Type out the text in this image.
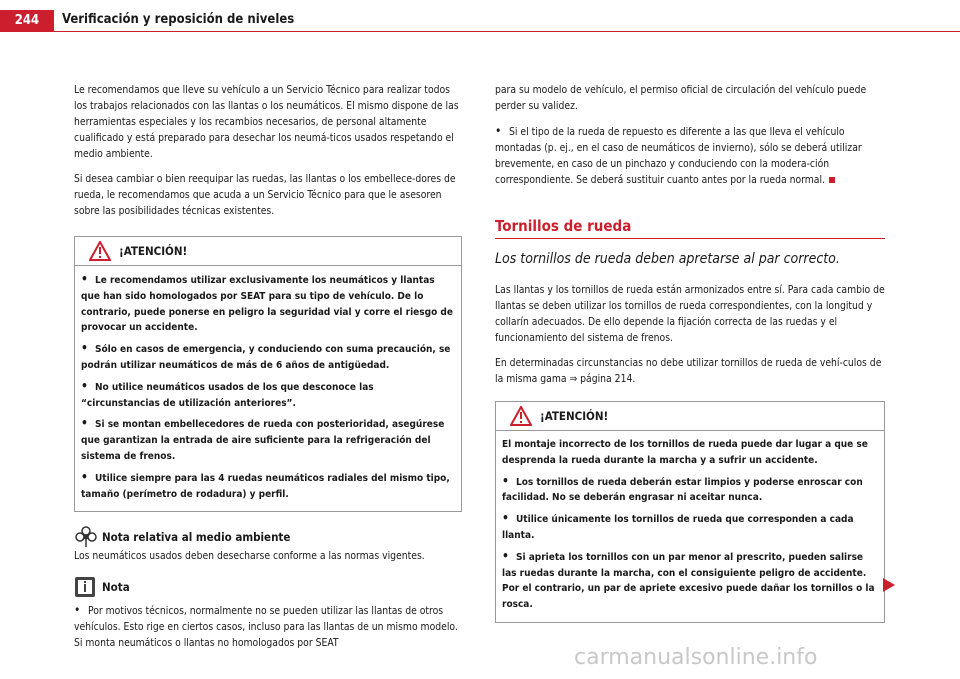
244	Verificación y reposición de niveles

Le recomendamos que lleve su vehículo a un Servicio Técnico para realizar todos los trabajos relacionados con las llantas o los neumáticos. El mismo dispone de las herramientas especiales y los recambios necesarios, de personal altamente cualificado y está preparado para desechar los neumá-ticos usados respetando el medio ambiente.

Si desea cambiar o bien reequipar las ruedas, las llantas o los embellece-dores de rueda, le recomendamos que acuda a un Servicio Técnico para que le asesoren sobre las posibilidades técnicas existentes.

¡ATENCIÓN!
• Le recomendamos utilizar exclusivamente los neumáticos y llantas que han sido homologados por SEAT para su tipo de vehículo. De lo contrario, puede ponerse en peligro la seguridad vial y corre el riesgo de provocar un accidente.
• Sólo en casos de emergencia, y conduciendo con suma precaución, se podrán utilizar neumáticos de más de 6 años de antigüedad.
• No utilice neumáticos usados de los que desconoce las “circunstancias de utilización anteriores”.
• Si se montan embellecedores de rueda con posterioridad, asegúrese que garantizan la entrada de aire suficiente para la refrigeración del sistema de frenos.
• Utilice siempre para las 4 ruedas neumáticos radiales del mismo tipo, tamaño (perímetro de rodadura) y perfil.
Nota relativa al medio ambiente

Los neumáticos usados deben desecharse conforme a las normas vigentes.

Nota
• Por motivos técnicos, normalmente no se pueden utilizar las llantas de otros vehículos. Esto rige en ciertos casos, incluso para las llantas de un mismo modelo. Si monta neumáticos o llantas no homologados por SEAT

para su modelo de vehículo, el permiso oficial de circulación del vehículo puede perder su validez.

• Si el tipo de la rueda de repuesto es diferente a las que lleva el vehículo montadas (p. ej., en el caso de neumáticos de invierno), sólo se deberá utilizar brevemente, en caso de un pinchazo y conduciendo con la modera-ción correspondiente. Se deberá sustituir cuanto antes por la rueda normal.
Tornillos de rueda
Los tornillos de rueda deben apretarse al par correcto.

Las llantas y los tornillos de rueda están armonizados entre sí. Para cada cambio de llantas se deben utilizar los tornillos de rueda correspondientes, con la longitud y collarín adecuados. De ello depende la fijación correcta de las ruedas y el funcionamiento del sistema de frenos.

En determinadas circunstancias no debe utilizar tornillos de rueda de vehí-culos de la misma gama ⇒ página 214.

¡ATENCIÓN!
El montaje incorrecto de los tornillos de rueda puede dar lugar a que se desprenda la rueda durante la marcha y a sufrir un accidente.
• Los tornillos de rueda deberán estar limpios y poderse enroscar con facilidad. No se deberán engrasar ni aceitar nunca.
• Utilice únicamente los tornillos de rueda que corresponden a cada llanta.
• Si aprieta los tornillos con un par menor al prescrito, pueden salirse las ruedas durante la marcha, con el consiguiente peligro de accidente. Por el contrario, un par de apriete excesivo puede dañar los tornillos o la rosca.
carmanualsonline.info
